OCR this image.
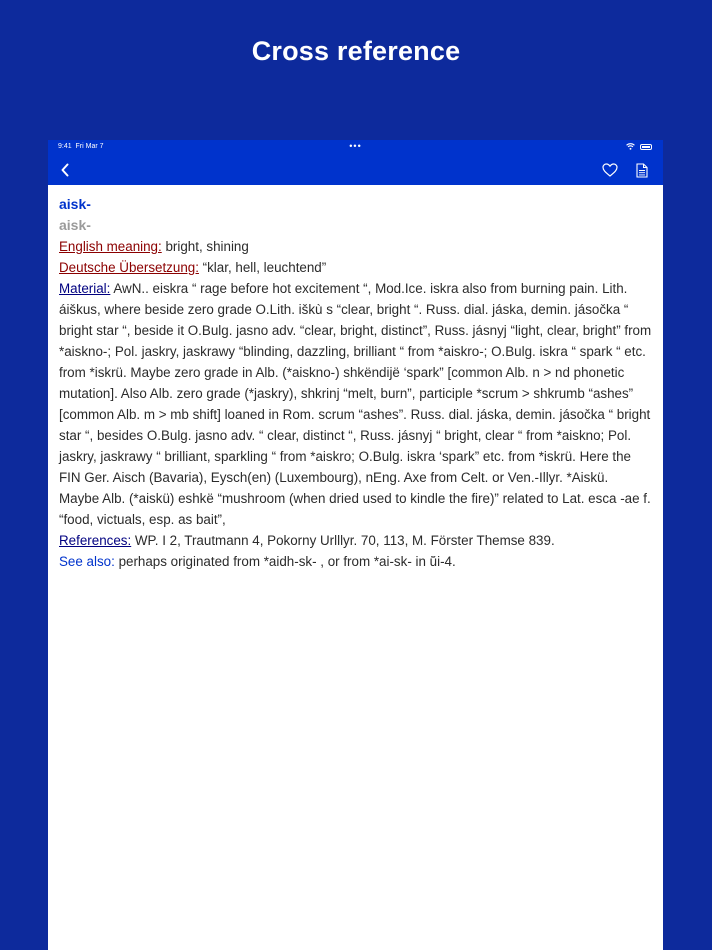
Cross reference
9:41 Fri Mar 7	•••

aisk-

aisk-

English meaning: bright, shining

Deutsche Übersetzung: “klar, hell, leuchtend”

Material: AwN.. eiskra “ rage before hot excitement “, Mod.Ice. iskra also from burning pain. Lith. áiškus, where beside zero grade O.Lith. iškù s “clear, bright “. Russ. dial. jáska, demin. jásočka “ bright star “, beside it O.Bulg. jasno adv. “clear, bright, distinct”, Russ. jásnyj “light, clear, bright” from *aiskno-; Pol. jaskry, jaskrawy “blinding, dazzling, brilliant “ from *aiskro-; O.Bulg. iskra “ spark “ etc. from *iskrü. Maybe zero grade in Alb. (*aiskno-) shkëndijë ‘spark” [common Alb. n > nd phonetic mutation]. Also Alb. zero grade (*jaskry), shkrinj “melt, burn”, participle *scrum > shkrumb “ashes” [common Alb. m > mb shift] loaned in Rom. scrum “ashes”. Russ. dial. jáska, demin. jásočka “ bright star “, besides O.Bulg. jasno adv. “ clear, distinct “, Russ. jásnyj “ bright, clear “ from *aiskno; Pol. jaskry, jaskrawy “ brilliant, sparkling “ from *aiskro; O.Bulg. iskra ‘spark” etc. from *iskrü. Here the FIN Ger. Aisch (Bavaria), Eysch(en) (Luxembourg), nEng. Axe from Celt. or Ven.-Illyr. *Aiskü. Maybe Alb. (*aiskü) eshkë “mushroom (when dried used to kindle the fire)” related to Lat. esca -ae f. “food, victuals, esp. as bait”,

References: WP. I 2, Trautmann 4, Pokorny Urlllyr. 70, 113, M. Förster Themse 839.

See also: perhaps originated from *aidh-sk- , or from *ai-sk- in ŭ̄i-4.
